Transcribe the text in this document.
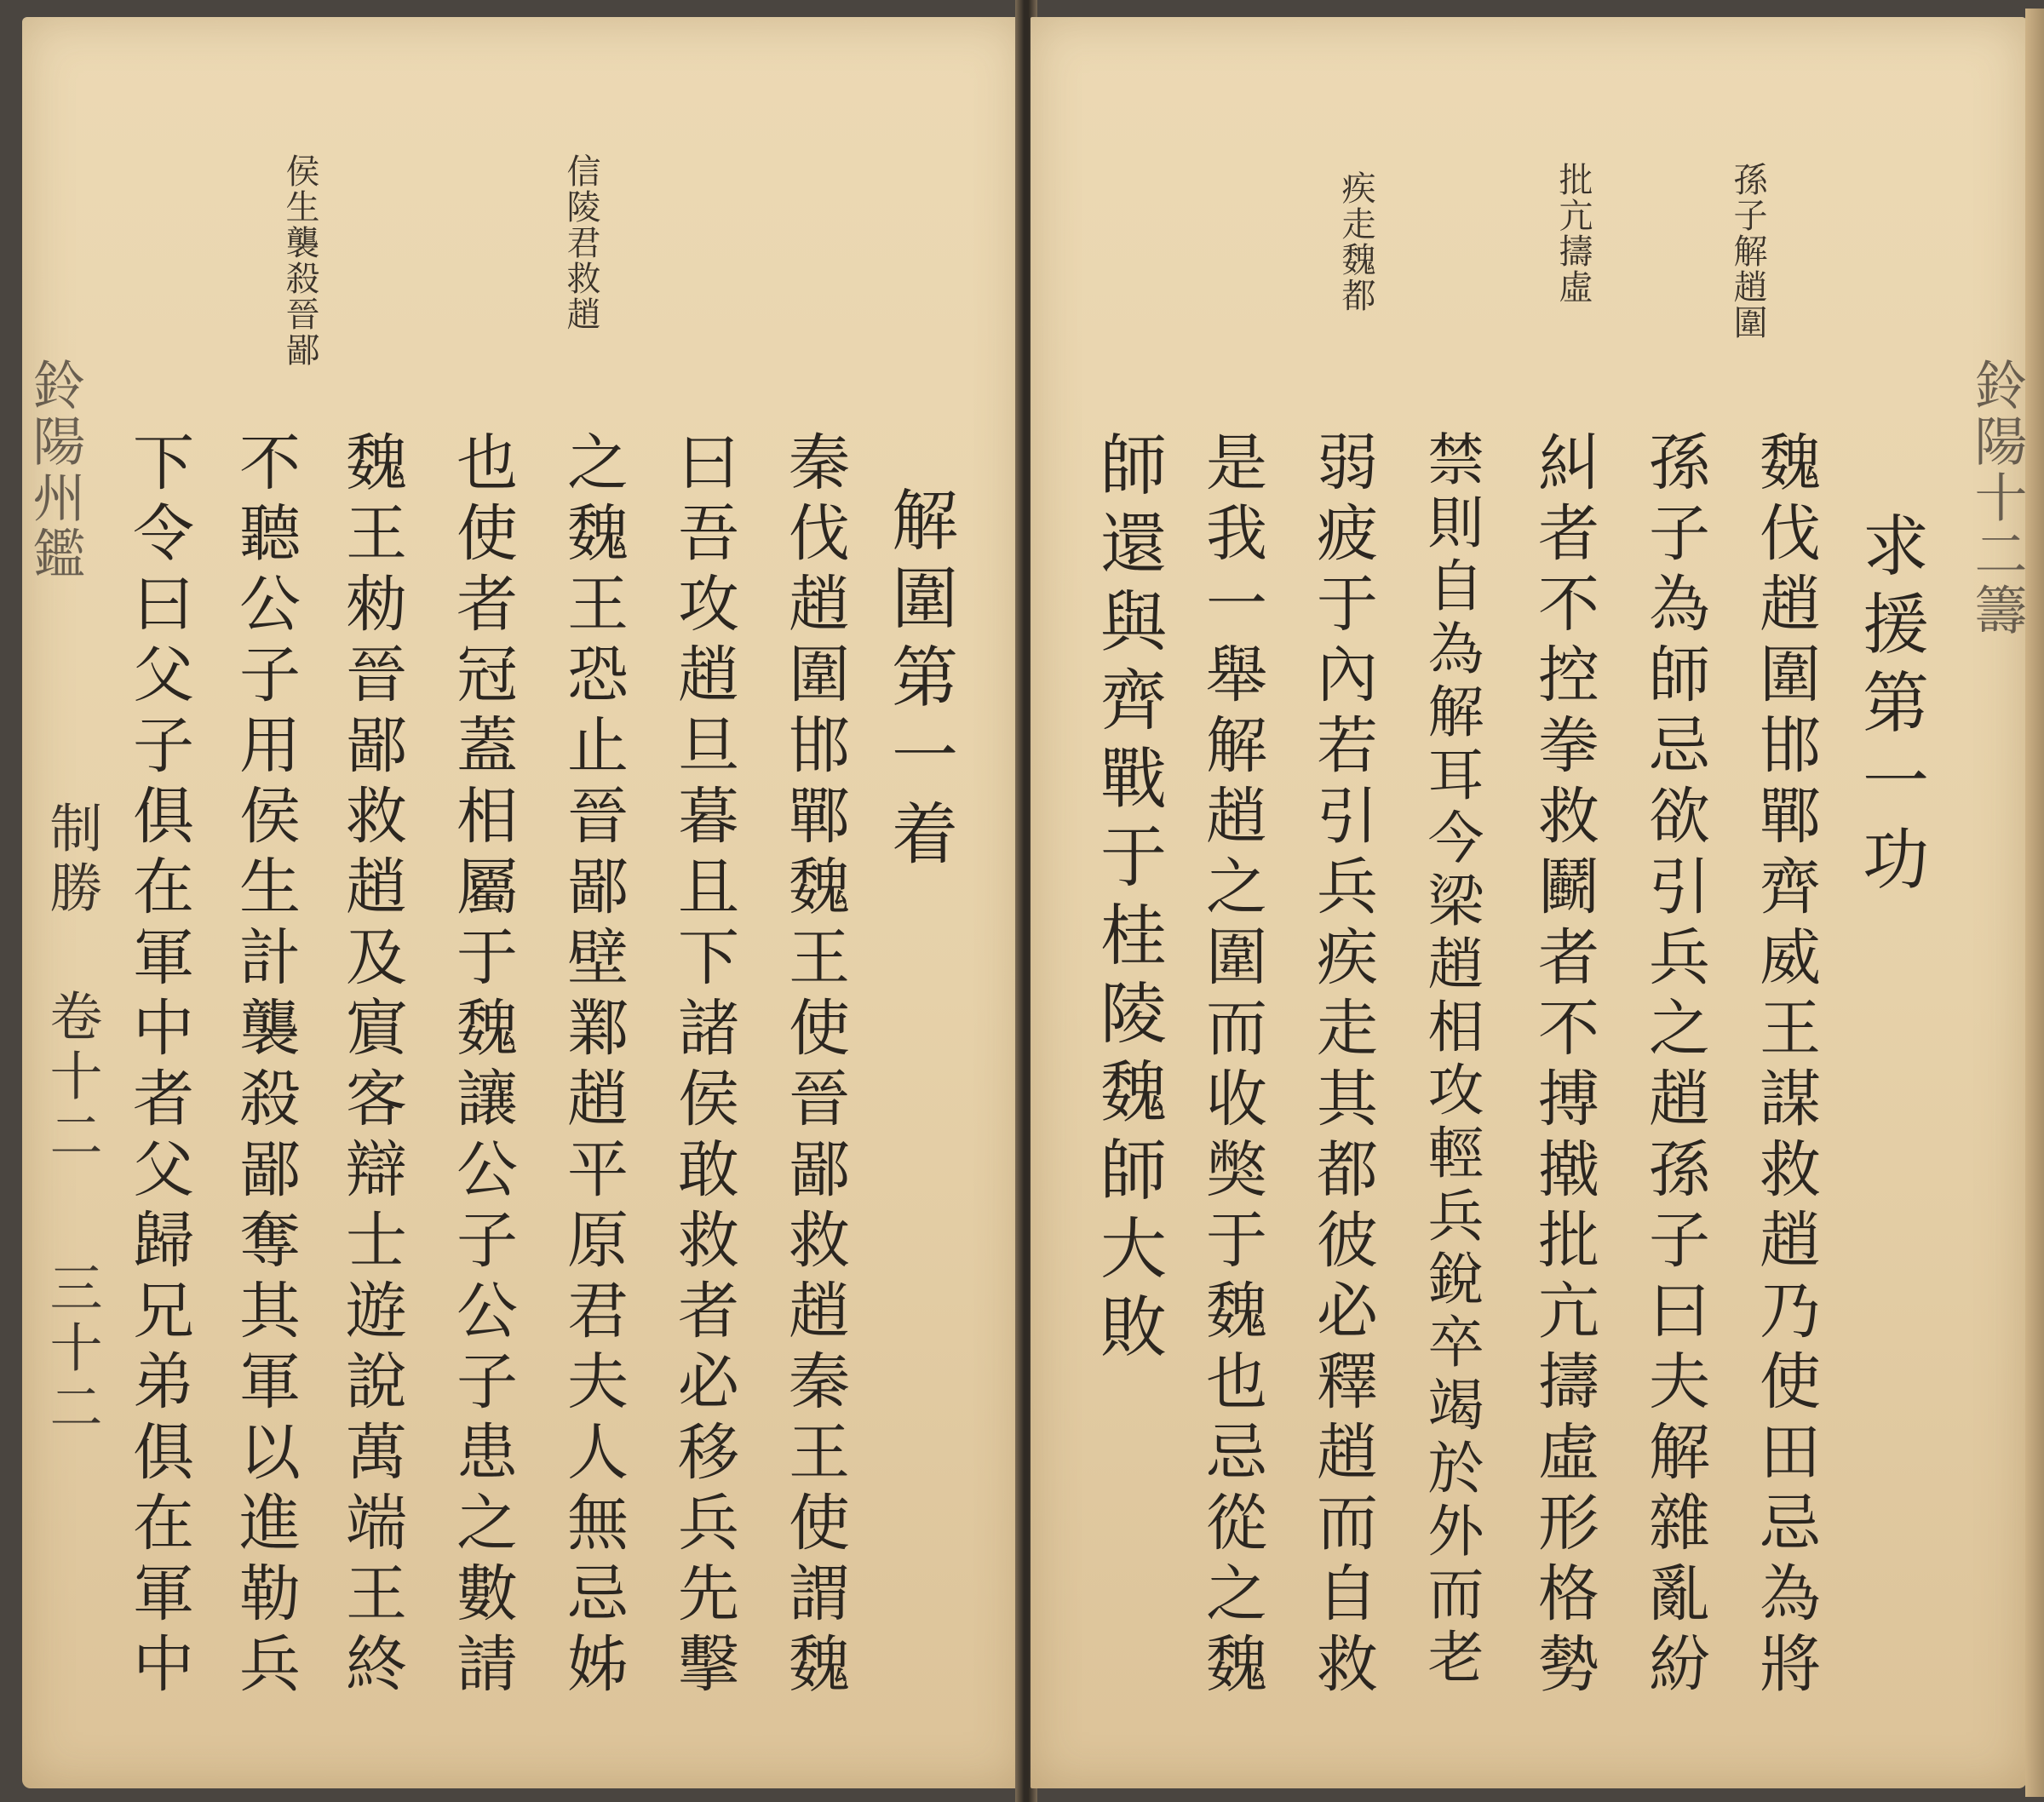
鈴陽州鑑
制勝 卷十二
三十二
信陵君救趙
侯生襲殺晉鄙
解圍第一着
秦伐趙圍邯鄲魏王使晉鄙救趙秦王使謂魏
曰吾攻趙旦暮且下諸侯敢救者必移兵先擊
之魏王恐止晉鄙壁鄴趙平原君夫人無忌姊
也使者冠蓋相屬于魏讓公子公子患之數請
魏王勑晉鄙救趙及賔客辯士遊說萬端王終
不聽公子用侯生計襲殺鄙奪其軍以進勒兵
下令曰父子俱在軍中者父歸兄弟俱在軍中	鈴陽十二籌
孫子解趙圍
批亢擣虛
疾走魏都
求援第一功
魏伐趙圍邯鄲齊威王謀救趙乃使田忌為將
孫子為師忌欲引兵之趙孫子曰夫解雜亂紛
糾者不控拳救鬬者不搏撠批亢擣虛形格勢
禁則自為解耳今梁趙相攻輕兵銳卒竭於外而老
弱疲于內若引兵疾走其都彼必釋趙而自救
是我一舉解趙之圍而收獘于魏也忌從之魏
師還與齊戰于桂陵魏師大敗
